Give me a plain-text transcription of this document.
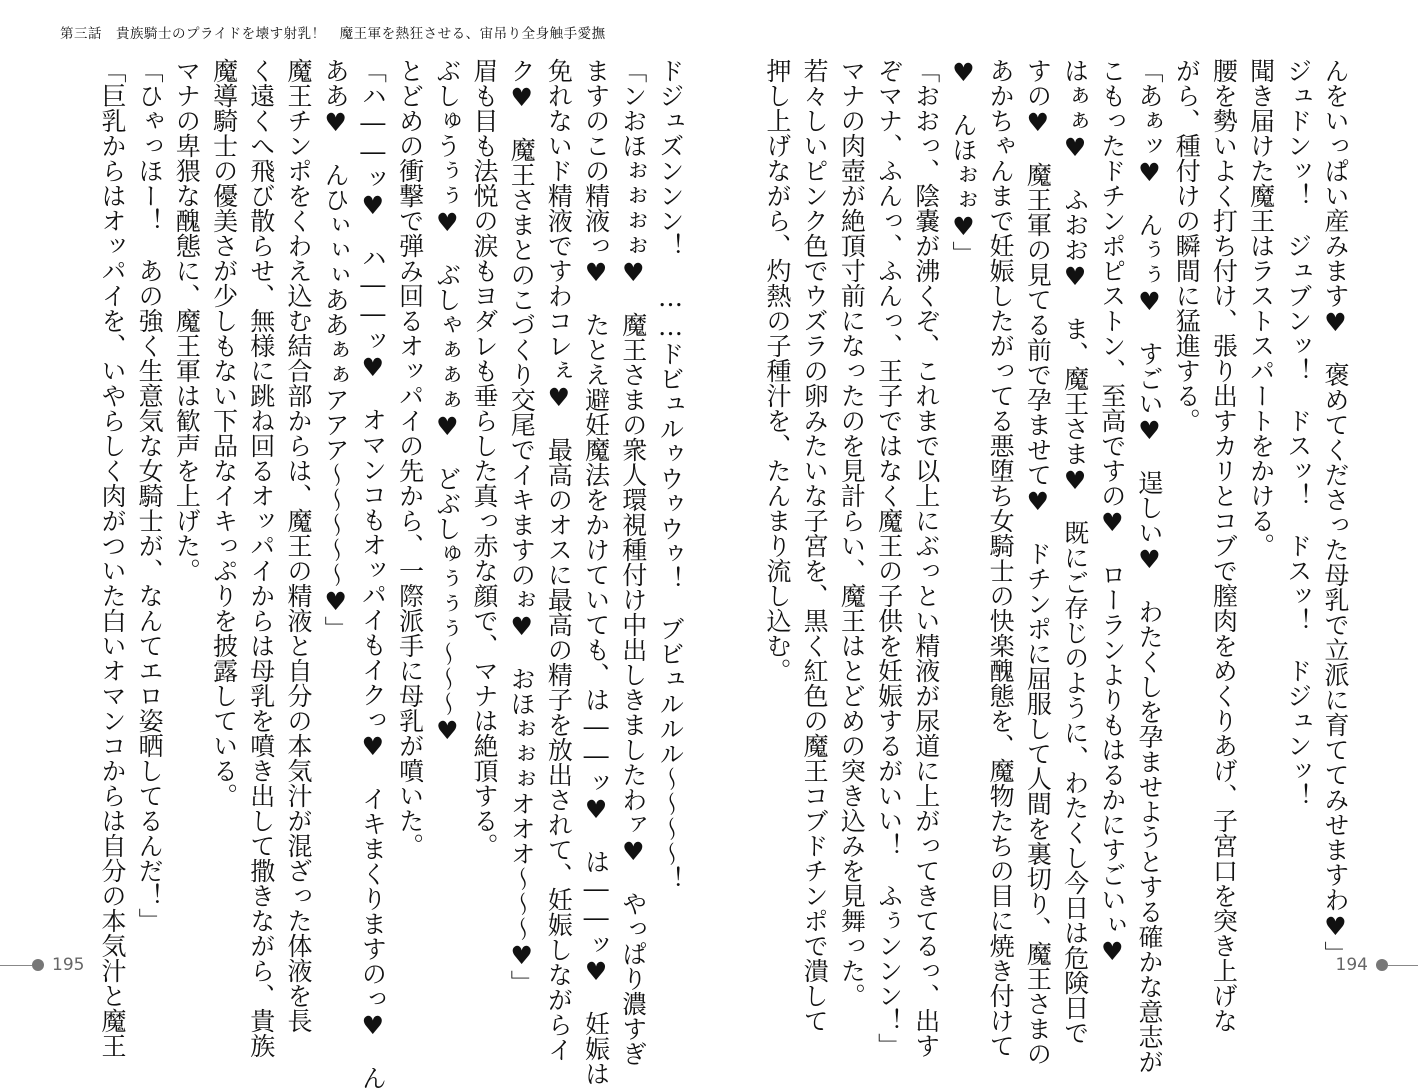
第三話　貴族騎士のプライドを壊す射乳！　魔王軍を熱狂させる、宙吊り全身触手愛撫

ドジュズンンン！　……ドビュルゥウゥウゥ！　ブビュルルル～～～～！

「ンおほぉぉぉぉ♥　魔王さまの衆人環視種付け中出しきましたわァ♥　やっぱり濃すぎ

ますのこの精液っ♥　たとえ避妊魔法をかけていても、は――ッ♥　は――ッ♥　妊娠は

免れないド精液ですわコレぇ♥　最高のオスに最高の精子を放出されて、妊娠しながらイ

ク♥　魔王さまとのこづくり交尾でイキますのぉ♥　おほぉぉぉオオオ～～～♥」

眉も目も法悦の涙もヨダレも垂らした真っ赤な顔で、マナは絶頂する。

ぶしゅうぅぅ♥　ぶしゃぁぁぁ♥　どぶしゅぅぅぅ～～～♥

とどめの衝撃で弾み回るオッパイの先から、一際派手に母乳が噴いた。

「ハ――ッ♥　ハ――ッ♥　オマンコもオッパイもイクっ♥　イキまくりますのっ♥　ん

ああ♥　んひぃぃぃああぁぁアアア～～～～～♥」

魔王チンポをくわえ込む結合部からは、魔王の精液と自分の本気汁が混ざった体液を長

く遠くへ飛び散らせ、無様に跳ね回るオッパイからは母乳を噴き出して撒きながら、貴族

魔導騎士の優美さが少しもない下品なイキっぷりを披露している。

マナの卑猥な醜態に、魔王軍は歓声を上げた。

「ひゃっほー！　あの強く生意気な女騎士が、なんてエロ姿晒してるんだ！」

「巨乳からはオッパイを、いやらしく肉がついた白いオマンコからは自分の本気汁と魔王

195	んをいっぱい産みます♥　褒めてくださった母乳で立派に育ててみせますわ♥」

ジュドンッ！　ジュブンッ！　ドスッ！　ドスッ！　ドジュンッ！

聞き届けた魔王はラストスパートをかける。

腰を勢いよく打ち付け、張り出すカリとコブで膣肉をめくりあげ、子宮口を突き上げな

がら、種付けの瞬間に猛進する。

「あぁッ♥　んぅぅ♥　すごい♥　逞しい♥　わたくしを孕ませようとする確かな意志が

こもったドチンポピストン、至高ですの♥　ローランよりもはるかにすごいぃ♥

はぁぁ♥　ふおお♥　ま、魔王さま♥　既にご存じのように、わたくし今日は危険日で

すの♥　魔王軍の見てる前で孕ませて♥　ドチンポに屈服して人間を裏切り、魔王さまの

あかちゃんまで妊娠したがってる悪堕ち女騎士の快楽醜態を、魔物たちの目に焼き付けて

♥　んほぉぉ♥」

「おおっ、陰嚢が沸くぞ、これまで以上にぶっとい精液が尿道に上がってきてるっ、出す

ぞマナ、ふんっ、ふんっ、王子ではなく魔王の子供を妊娠するがいい！　ふぅンンン！」

マナの肉壺が絶頂寸前になったのを見計らい、魔王はとどめの突き込みを見舞った。

若々しいピンク色でウズラの卵みたいな子宮を、黒く紅色の魔王コブドチンポで潰して

押し上げながら、灼熱の子種汁を、たんまり流し込む。

194
